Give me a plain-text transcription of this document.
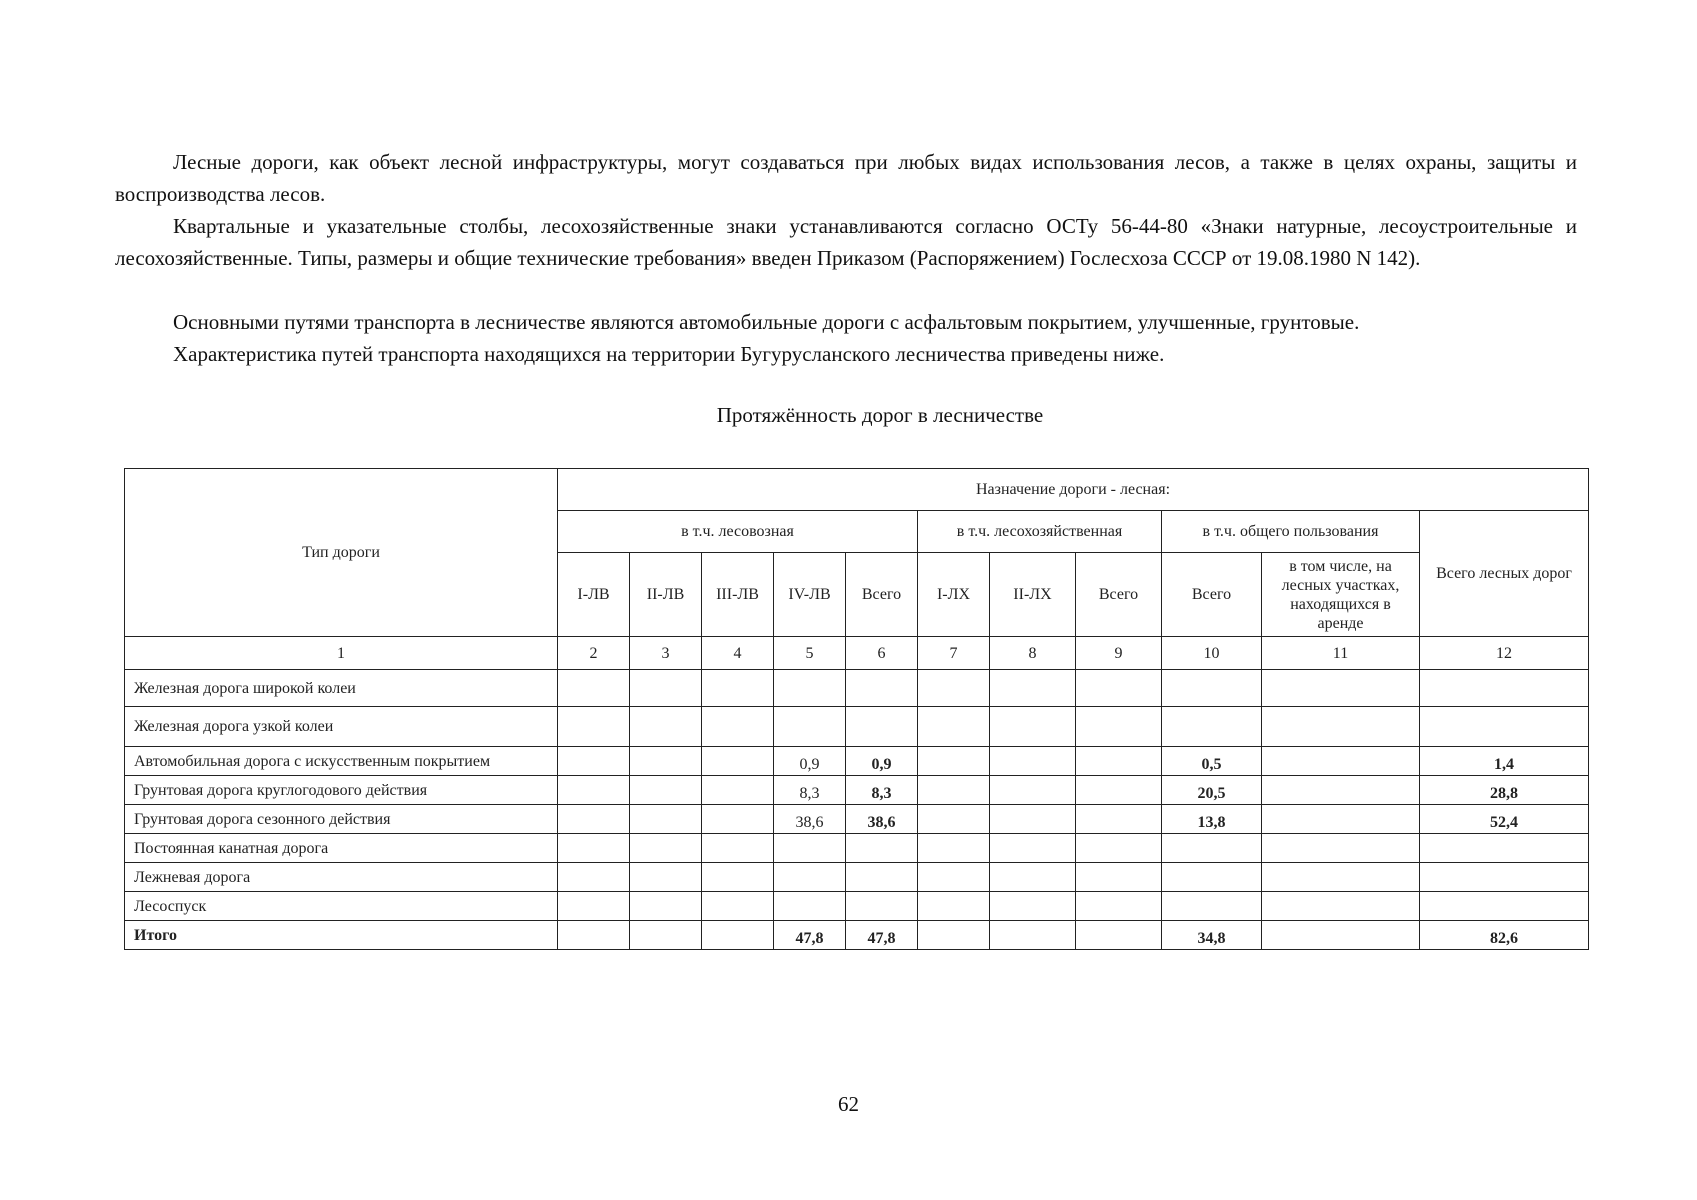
Лесные дороги, как объект лесной инфраструктуры, могут создаваться при любых видах использования лесов, а также в целях охраны, защиты и воспроизводства лесов.

Квартальные и указательные столбы, лесохозяйственные знаки устанавливаются согласно ОСТу 56-44-80 «Знаки натурные, лесоустроительные и лесохозяйственные. Типы, размеры и общие технические требования» введен Приказом (Распоряжением) Гослесхоза СССР от 19.08.1980 N 142).

Основными путями транспорта в лесничестве являются автомобильные дороги с асфальтовым покрытием, улучшенные, грунтовые.

Характеристика путей транспорта находящихся на территории Бугурусланского лесничества приведены ниже.

Протяжённость дорог в лесничестве
Тип дороги	Назначение дороги - лесная:										
	в т.ч. лесовозная					в т.ч. лесохозяйственная			в т.ч. общего пользования		Всего лесных дорог
	I-ЛВ	II-ЛВ	III-ЛВ	IV-ЛВ	Всего	I-ЛХ	II-ЛХ	Всего	Всего	в том числе, на лесных участках, находящихся в аренде	
1	2	3	4	5	6	7	8	9	10	11	12
Железная дорога широкой колеи											
Железная дорога узкой колеи											
Автомобильная дорога с искусственным покрытием				0,9	0,9				0,5		1,4
Грунтовая дорога круглогодового действия				8,3	8,3				20,5		28,8
Грунтовая дорога сезонного действия				38,6	38,6				13,8		52,4
Постоянная канатная дорога											
Лежневая дорога											
Лесоспуск											
Итого				47,8	47,8				34,8		82,6
62
